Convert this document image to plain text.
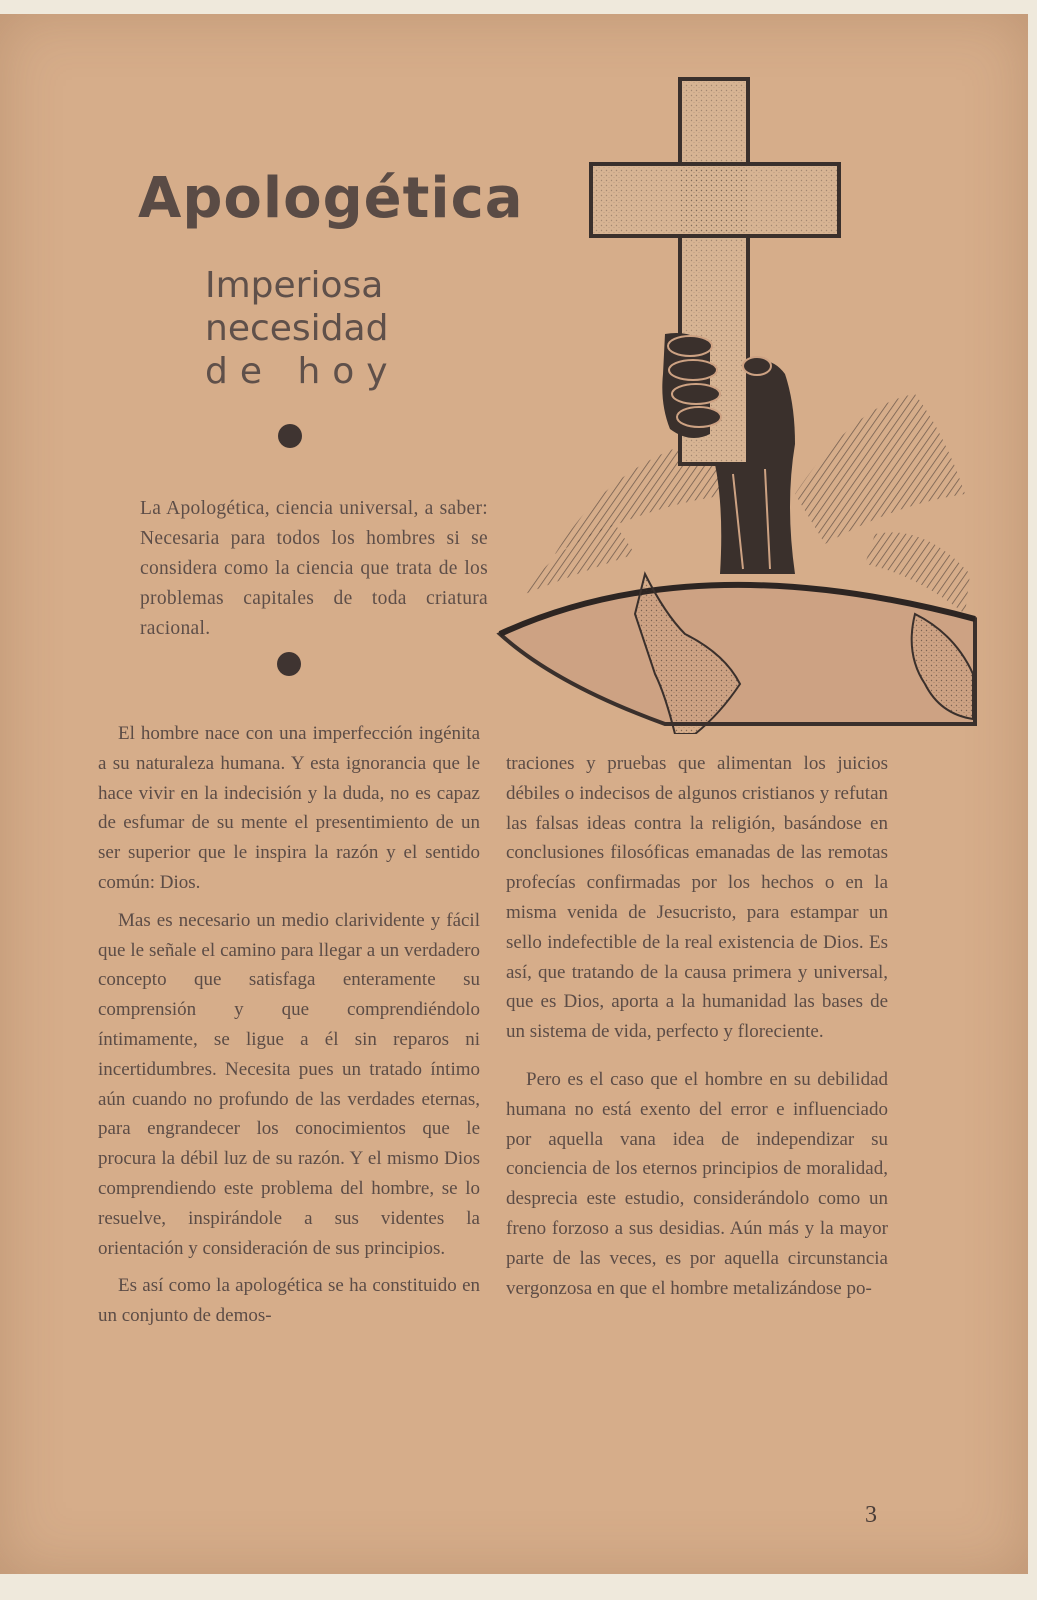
Apologética
Imperiosa
necesidad
de hoy
La Apologética, ciencia universal, a saber: Necesaria para todos los hombres si se considera como la ciencia que trata de los problemas capitales de toda criatura racional.

El hombre nace con una imperfección ingénita a su naturaleza humana. Y esta ignorancia que le hace vivir en la indecisión y la duda, no es capaz de esfumar de su mente el presentimiento de un ser superior que le inspira la razón y el sentido común: Dios.

Mas es necesario un medio clarividente y fácil que le señale el camino para llegar a un verdadero concepto que satisfaga enteramente su comprensión y que comprendiéndolo íntimamente, se ligue a él sin reparos ni incertidumbres. Necesita pues un tratado íntimo aún cuando no profundo de las verdades eternas, para engrandecer los conocimientos que le procura la débil luz de su razón. Y el mismo Dios comprendiendo este problema del hombre, se lo resuelve, inspirándole a sus videntes la orientación y consideración de sus principios.

Es así como la apologética se ha constituido en un conjunto de demos-

traciones y pruebas que alimentan los juicios débiles o indecisos de algunos cristianos y refutan las falsas ideas contra la religión, basándose en conclusiones filosóficas emanadas de las remotas profecías confirmadas por los hechos o en la misma venida de Jesucristo, para estampar un sello indefectible de la real existencia de Dios. Es así, que tratando de la causa primera y universal, que es Dios, aporta a la humanidad las bases de un sistema de vida, perfecto y floreciente.

Pero es el caso que el hombre en su debilidad humana no está exento del error e influenciado por aquella vana idea de independizar su conciencia de los eternos principios de moralidad, desprecia este estudio, considerándolo como un freno forzoso a sus desidias. Aún más y la mayor parte de las veces, es por aquella circunstancia vergonzosa en que el hombre metalizándose po-

3
